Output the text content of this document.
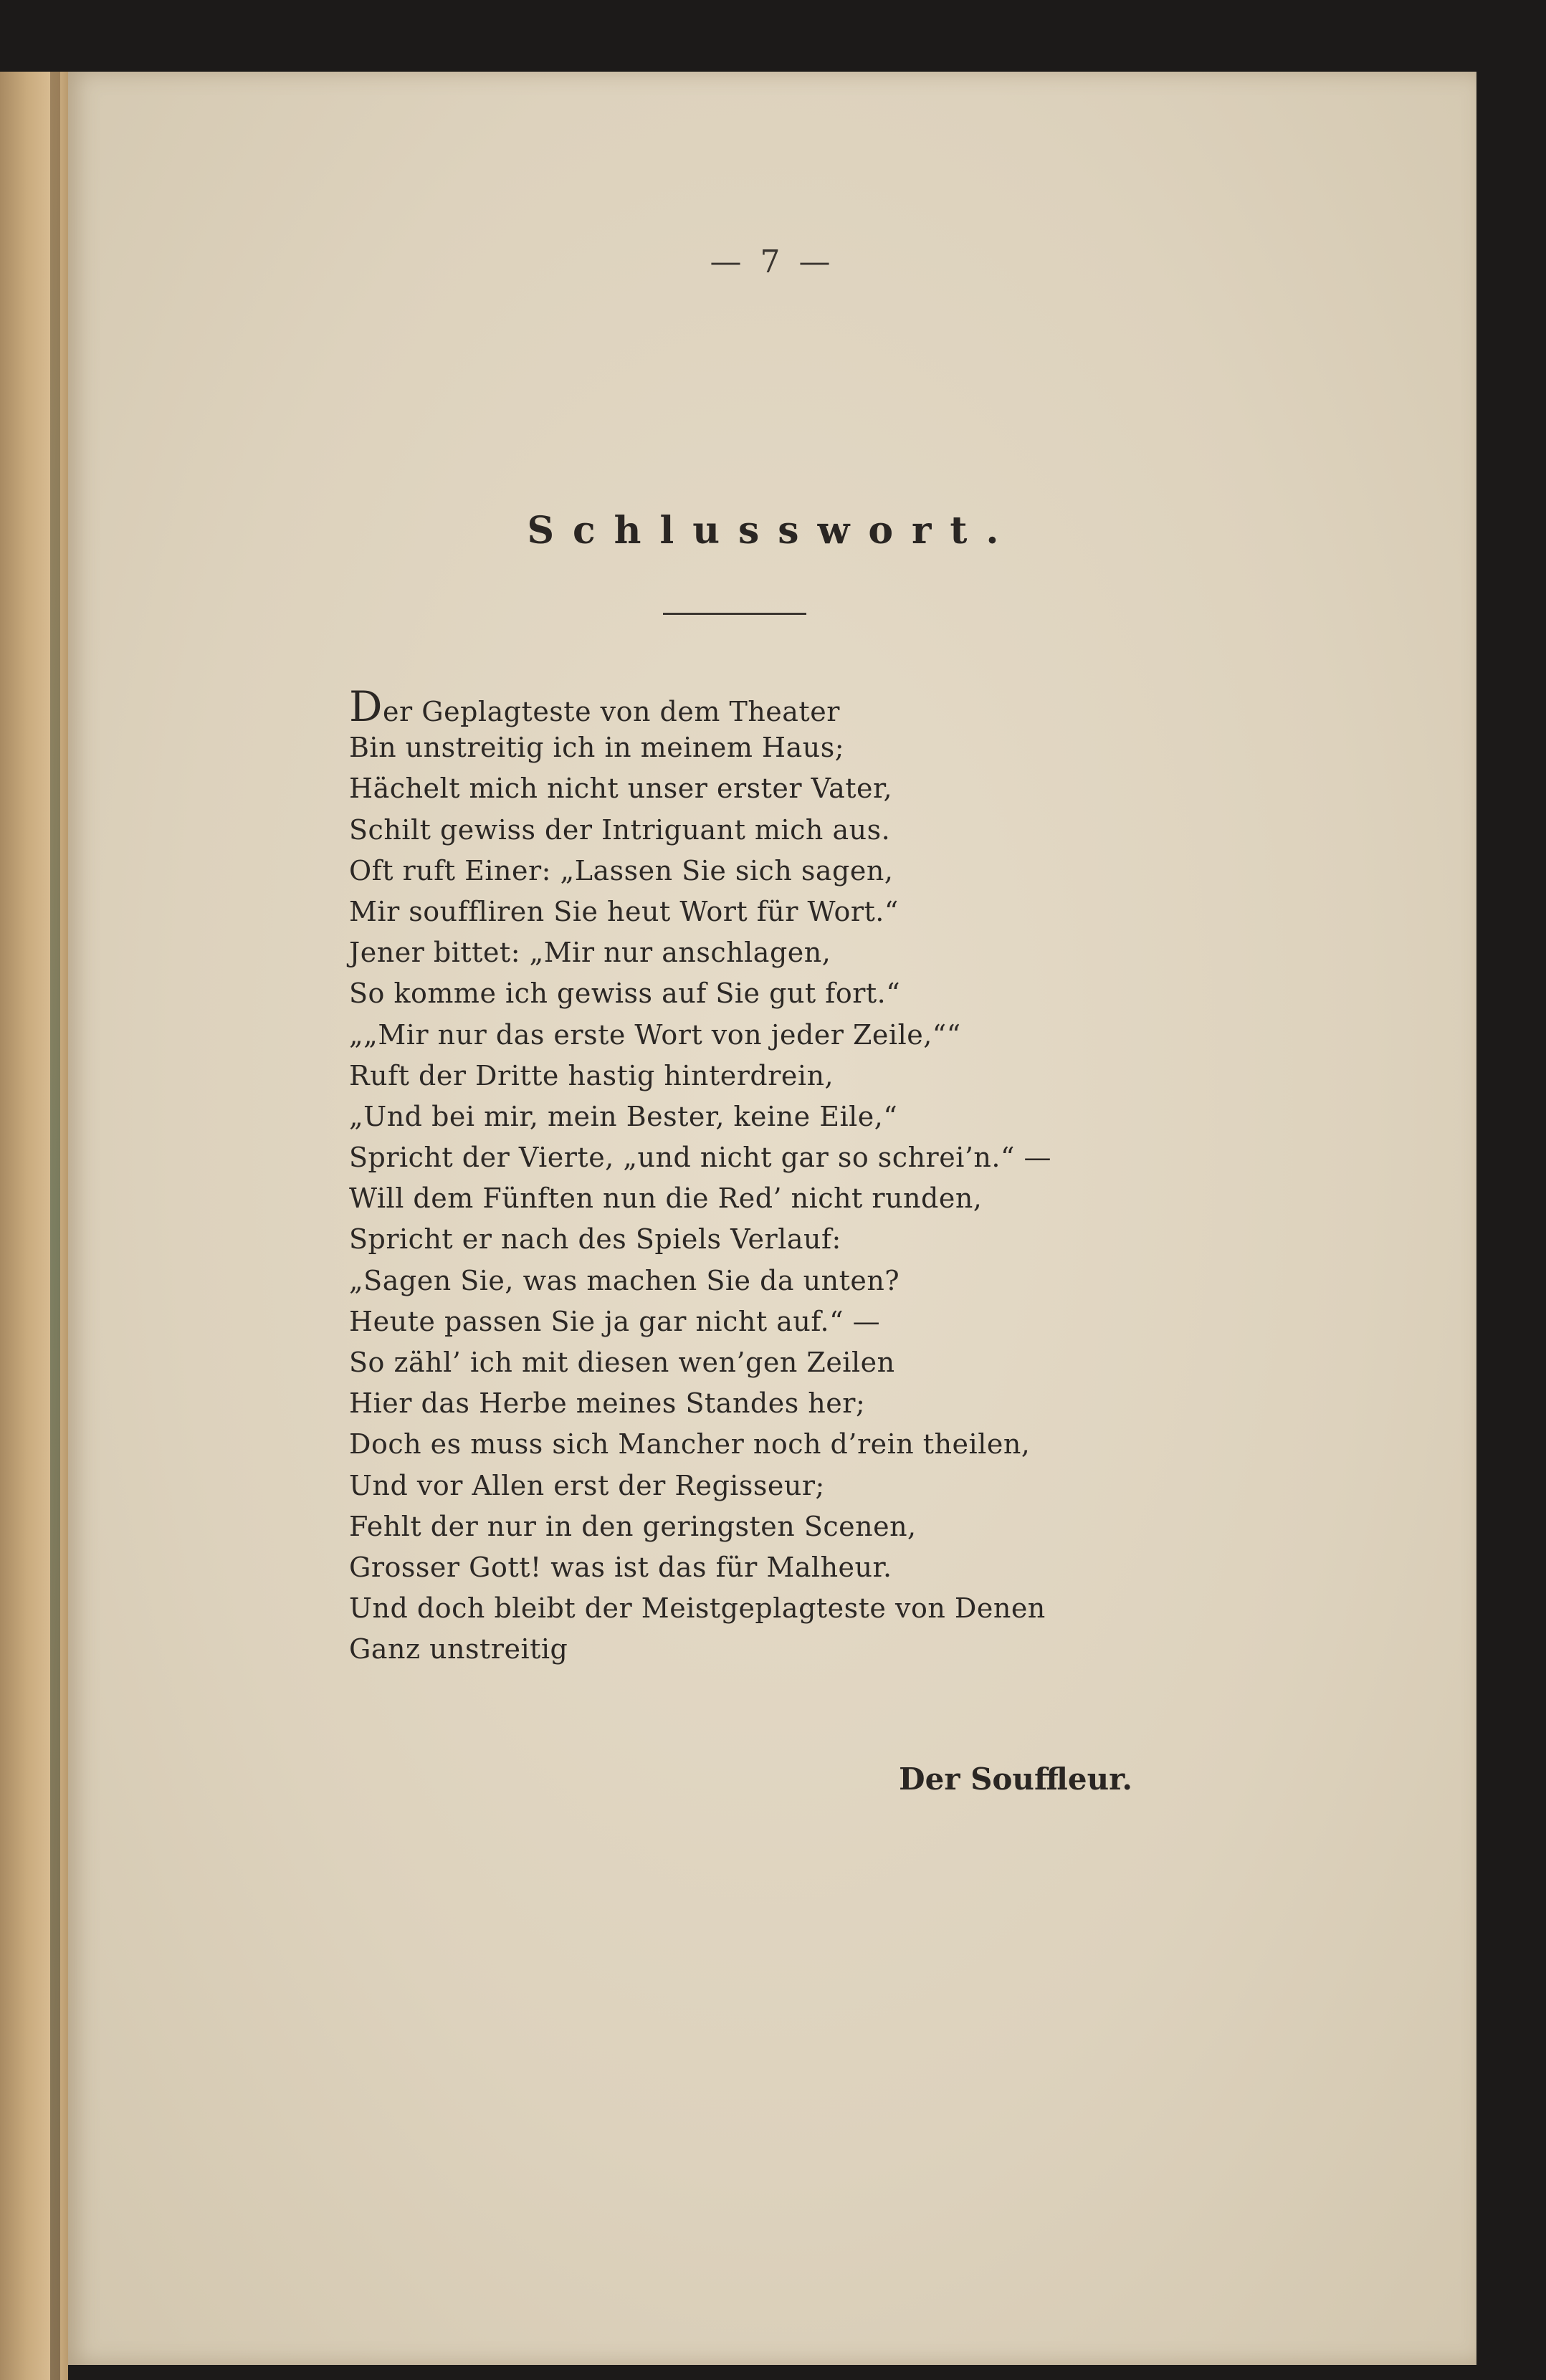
— 7 —
Schlusswort.
Der Geplagteste von dem Theater
Bin unstreitig ich in meinem Haus;
Hächelt mich nicht unser erster Vater,
Schilt gewiss der Intriguant mich aus.
Oft ruft Einer: „Lassen Sie sich sagen,
Mir souffliren Sie heut Wort für Wort.“
Jener bittet: „Mir nur anschlagen,
So komme ich gewiss auf Sie gut fort.“
„„Mir nur das erste Wort von jeder Zeile,““
Ruft der Dritte hastig hinterdrein,
„Und bei mir, mein Bester, keine Eile,“
Spricht der Vierte, „und nicht gar so schrei’n.“ —
Will dem Fünften nun die Red’ nicht runden,
Spricht er nach des Spiels Verlauf:
„Sagen Sie, was machen Sie da unten?
Heute passen Sie ja gar nicht auf.“ —
So zähl’ ich mit diesen wen’gen Zeilen
Hier das Herbe meines Standes her;
Doch es muss sich Mancher noch d’rein theilen,
Und vor Allen erst der Regisseur;
Fehlt der nur in den geringsten Scenen,
Grosser Gott! was ist das für Malheur.
Und doch bleibt der Meistgeplagteste von Denen
Ganz unstreitig
Der Souffleur.
